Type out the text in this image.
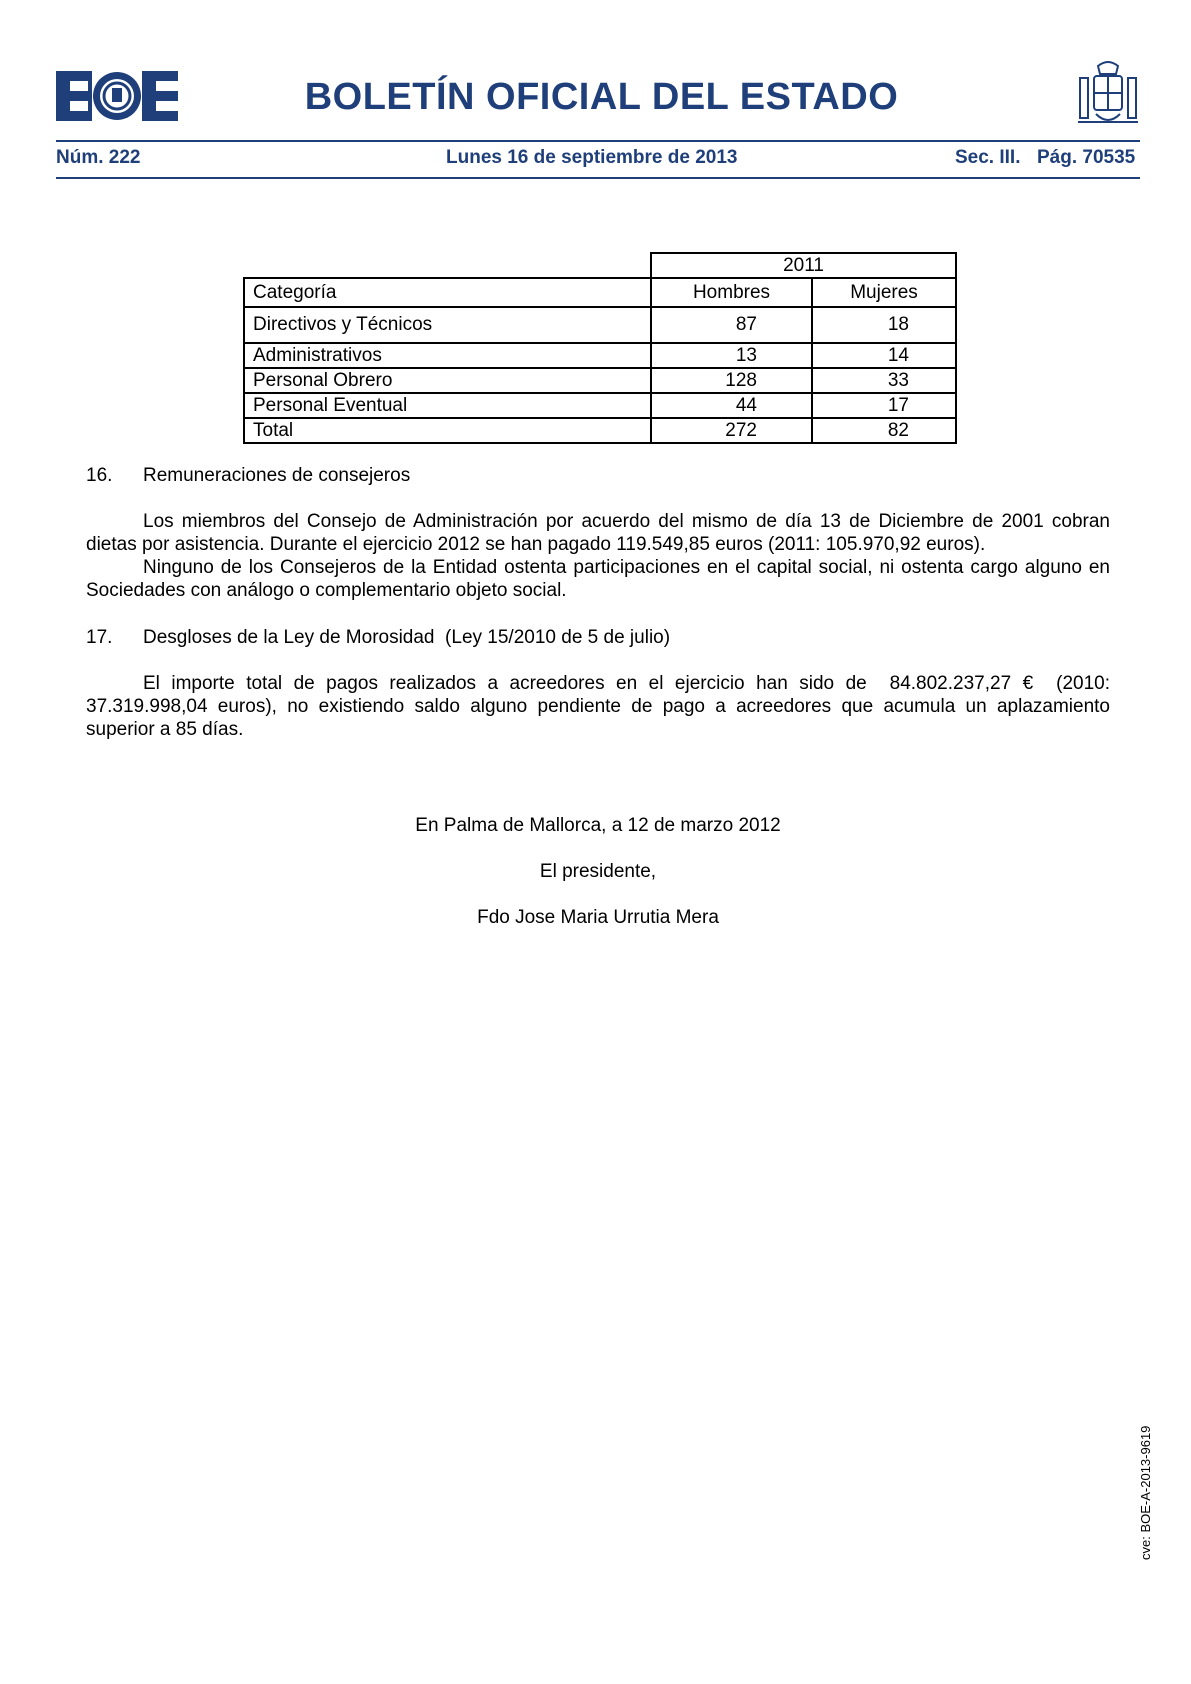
BOLETÍN OFICIAL DEL ESTADO
Núm. 222	Lunes 16 de septiembre de 2013	Sec. III. Pág. 70535
	2011	
Categoría	Hombres	Mujeres
Directivos y Técnicos	87	18
Administrativos	13	14
Personal Obrero	128	33
Personal Eventual	44	17
Total	272	82
16. Remuneraciones de consejeros
Los miembros del Consejo de Administración por acuerdo del mismo de día 13 de Diciembre de 2001 cobran dietas por asistencia. Durante el ejercicio 2012 se han pagado 119.549,85 euros (2011: 105.970,92 euros).
Ninguno de los Consejeros de la Entidad ostenta participaciones en el capital social, ni ostenta cargo alguno en Sociedades con análogo o complementario objeto social.
17. Desgloses de la Ley de Morosidad  (Ley 15/2010 de 5 de julio)
El importe total de pagos realizados a acreedores en el ejercicio han sido de  84.802.237,27 €  (2010: 37.319.998,04 euros), no existiendo saldo alguno pendiente de pago a acreedores que acumula un aplazamiento superior a 85 días.
En Palma de Mallorca, a 12 de marzo 2012
El presidente,
Fdo Jose Maria Urrutia Mera
cve: BOE-A-2013-9619
